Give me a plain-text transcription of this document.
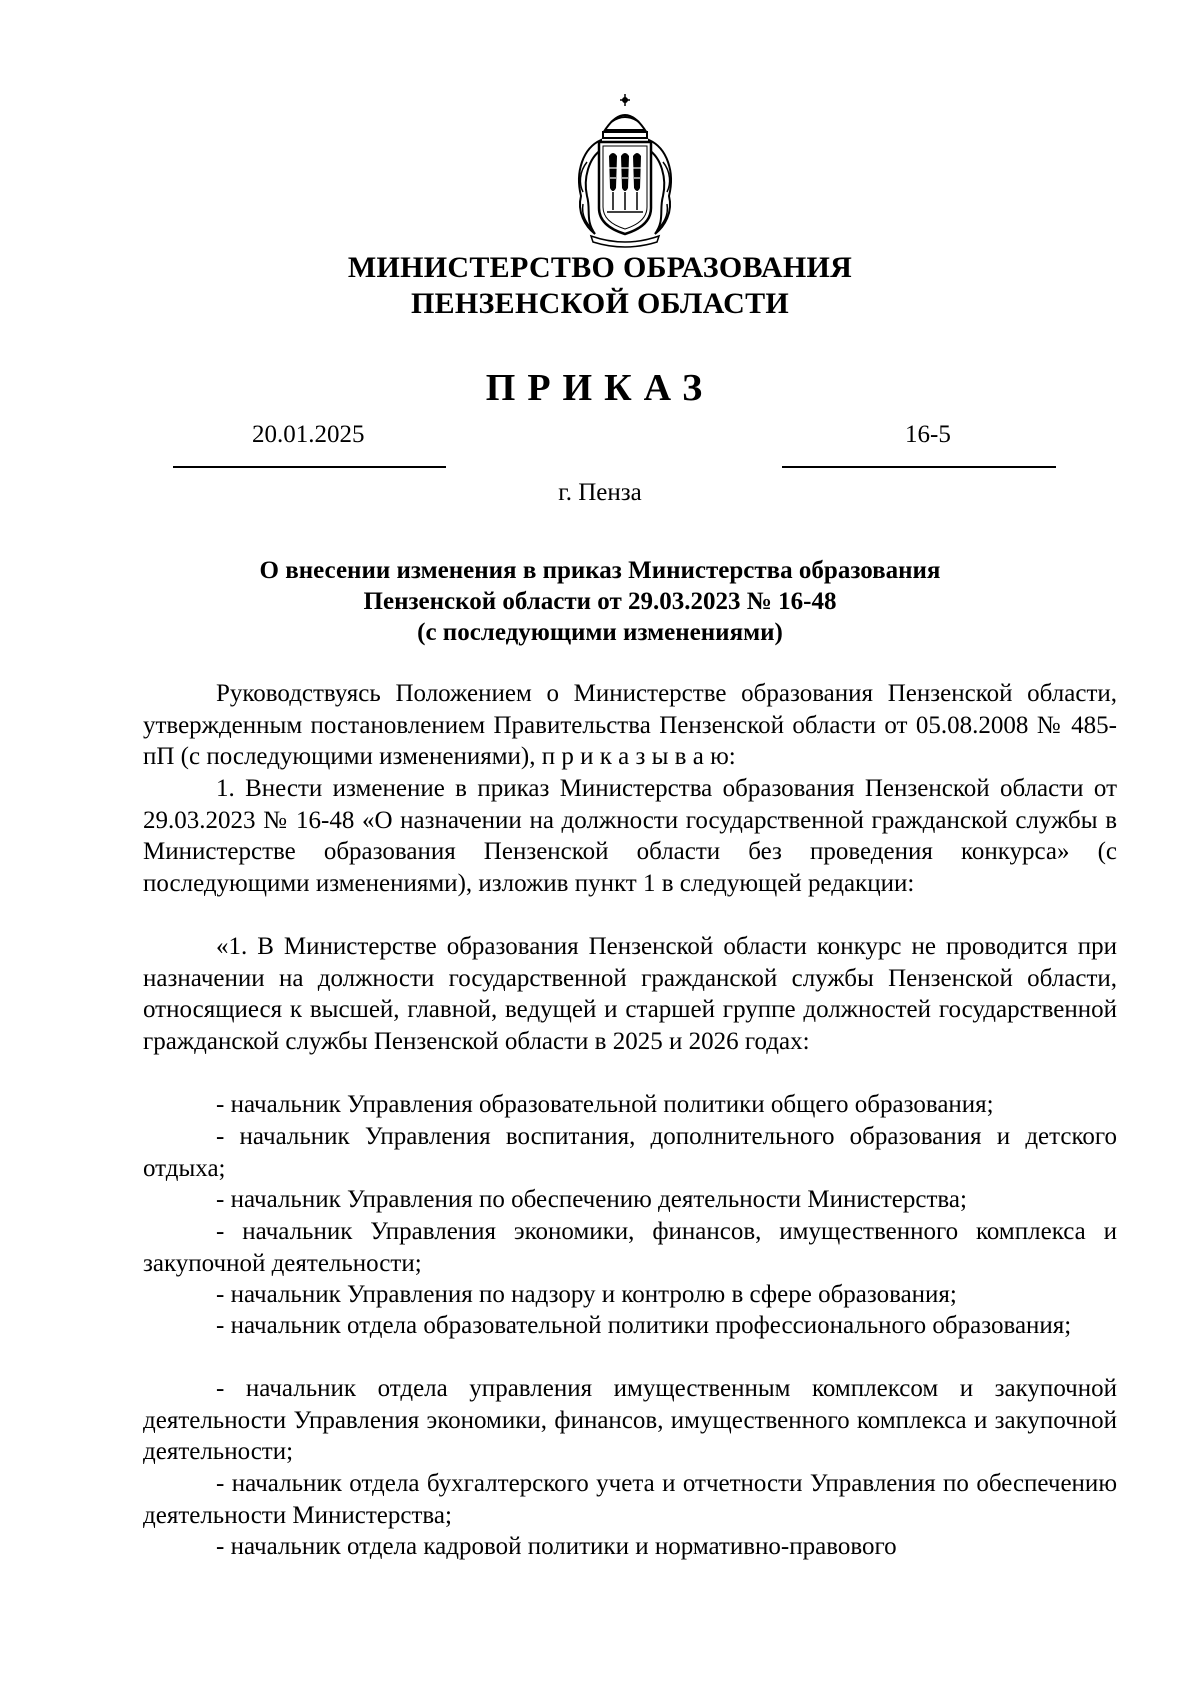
МИНИСТЕРСТВО ОБРАЗОВАНИЯ
ПЕНЗЕНСКОЙ ОБЛАСТИ
ПРИКАЗ
20.01.2025	16-5
г. Пенза
О внесении изменения в приказ Министерства образования
Пензенской области от 29.03.2023 № 16-48
(с последующими изменениями)

Руководствуясь Положением о Министерстве образования Пензенской области, утвержденным постановлением Правительства Пензенской области от 05.08.2008 № 485-пП (с последующими изменениями), п р и к а з ы в а ю:

1. Внести изменение в приказ Министерства образования Пензенской области от 29.03.2023 № 16-48 «О назначении на должности государственной гражданской службы в Министерстве образования Пензенской области без проведения конкурса» (с последующими изменениями), изложив пункт 1 в следующей редакции:

«1. В Министерстве образования Пензенской области конкурс не проводится при назначении на должности государственной гражданской службы Пензенской области, относящиеся к высшей, главной, ведущей и старшей группе должностей государственной гражданской службы Пензенской области в 2025 и 2026 годах:

- начальник Управления образовательной политики общего образования;

- начальник Управления воспитания, дополнительного образования и детского отдыха;

- начальник Управления по обеспечению деятельности Министерства;

- начальник Управления экономики, финансов, имущественного комплекса и закупочной деятельности;

- начальник Управления по надзору и контролю в сфере образования;

- начальник отдела образовательной политики профессионального образования;

- начальник отдела управления имущественным комплексом и закупочной деятельности Управления экономики, финансов, имущественного комплекса и закупочной деятельности;

- начальник отдела бухгалтерского учета и отчетности Управления по обеспечению деятельности Министерства;

- начальник отдела кадровой политики и нормативно-правового
